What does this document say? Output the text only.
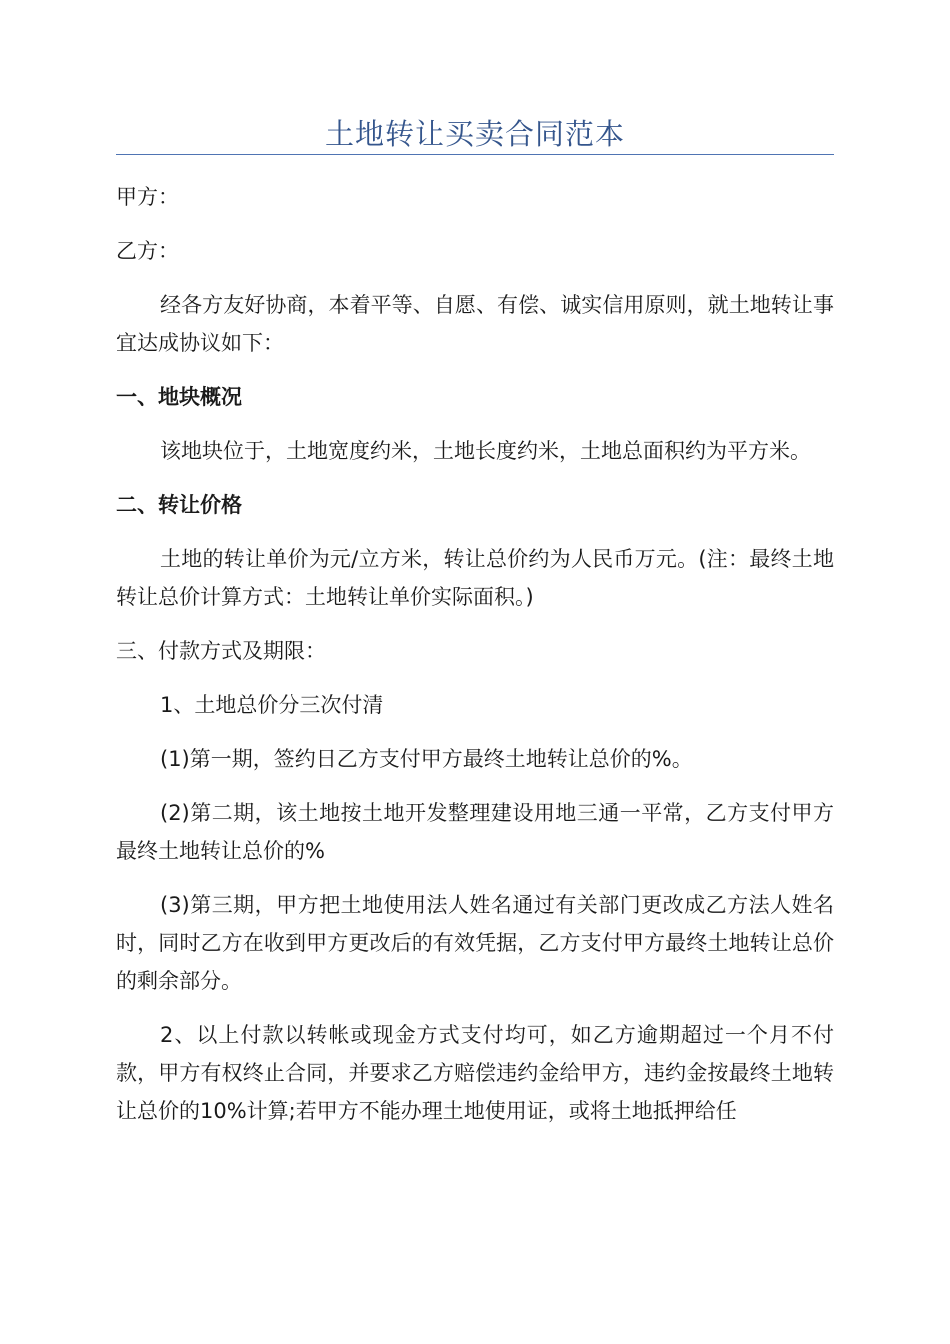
土地转让买卖合同范本

甲方：

乙方：

经各方友好协商，本着平等、自愿、有偿、诚实信用原则，就土地转让事宜达成协议如下：

一、地块概况

该地块位于，土地宽度约米，土地长度约米，土地总面积约为平方米。

二、转让价格

土地的转让单价为元/立方米，转让总价约为人民币万元。(注：最终土地转让总价计算方式：土地转让单价实际面积。)

三、付款方式及期限：

1、土地总价分三次付清

(1)第一期，签约日乙方支付甲方最终土地转让总价的%。

(2)第二期，该土地按土地开发整理建设用地三通一平常，乙方支付甲方最终土地转让总价的%

(3)第三期，甲方把土地使用法人姓名通过有关部门更改成乙方法人姓名时，同时乙方在收到甲方更改后的有效凭据，乙方支付甲方最终土地转让总价的剩余部分。

2、以上付款以转帐或现金方式支付均可，如乙方逾期超过一个月不付款，甲方有权终止合同，并要求乙方赔偿违约金给甲方，违约金按最终土地转让总价的10%计算;若甲方不能办理土地使用证，或将土地抵押给任
